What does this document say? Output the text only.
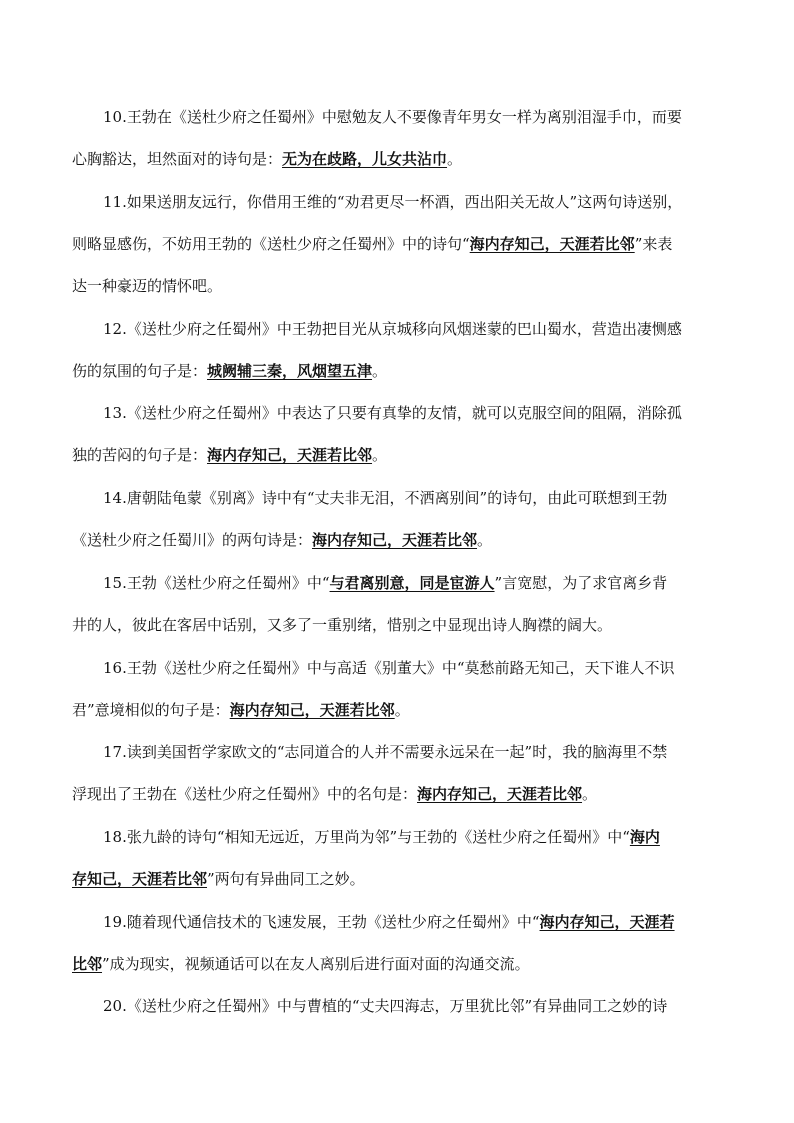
10.王勃在《送杜少府之任蜀州》中慰勉友人不要像青年男女一样为离别泪湿手巾，而要
心胸豁达，坦然面对的诗句是：无为在歧路，儿女共沾巾。
11.如果送朋友远行，你借用王维的“劝君更尽一杯酒，西出阳关无故人”这两句诗送别，
则略显感伤，不妨用王勃的《送杜少府之任蜀州》中的诗句“海内存知己，天涯若比邻”来表
达一种豪迈的情怀吧。
12.《送杜少府之任蜀州》中王勃把目光从京城移向风烟迷蒙的巴山蜀水，营造出凄恻感
伤的氛围的句子是：城阙辅三秦，风烟望五津。
13.《送杜少府之任蜀州》中表达了只要有真挚的友情，就可以克服空间的阻隔，消除孤
独的苦闷的句子是：海内存知己，天涯若比邻。
14.唐朝陆龟蒙《别离》诗中有“丈夫非无泪，不洒离别间”的诗句，由此可联想到王勃
《送杜少府之任蜀川》的两句诗是：海内存知己，天涯若比邻。
15.王勃《送杜少府之任蜀州》中“与君离别意，同是宦游人”言宽慰，为了求官离乡背
井的人，彼此在客居中话别，又多了一重别绪，惜别之中显现出诗人胸襟的阔大。
16.王勃《送杜少府之任蜀州》中与高适《别董大》中“莫愁前路无知己，天下谁人不识
君”意境相似的句子是：海内存知己，天涯若比邻。
17.读到美国哲学家欧文的“志同道合的人并不需要永远呆在一起”时，我的脑海里不禁
浮现出了王勃在《送杜少府之任蜀州》中的名句是：海内存知己，天涯若比邻。
18.张九龄的诗句“相知无远近，万里尚为邻”与王勃的《送杜少府之任蜀州》中“海内
存知己，天涯若比邻”两句有异曲同工之妙。
19.随着现代通信技术的飞速发展，王勃《送杜少府之任蜀州》中“海内存知己，天涯若
比邻”成为现实，视频通话可以在友人离别后进行面对面的沟通交流。
20.《送杜少府之任蜀州》中与曹植的“丈夫四海志，万里犹比邻”有异曲同工之妙的诗
